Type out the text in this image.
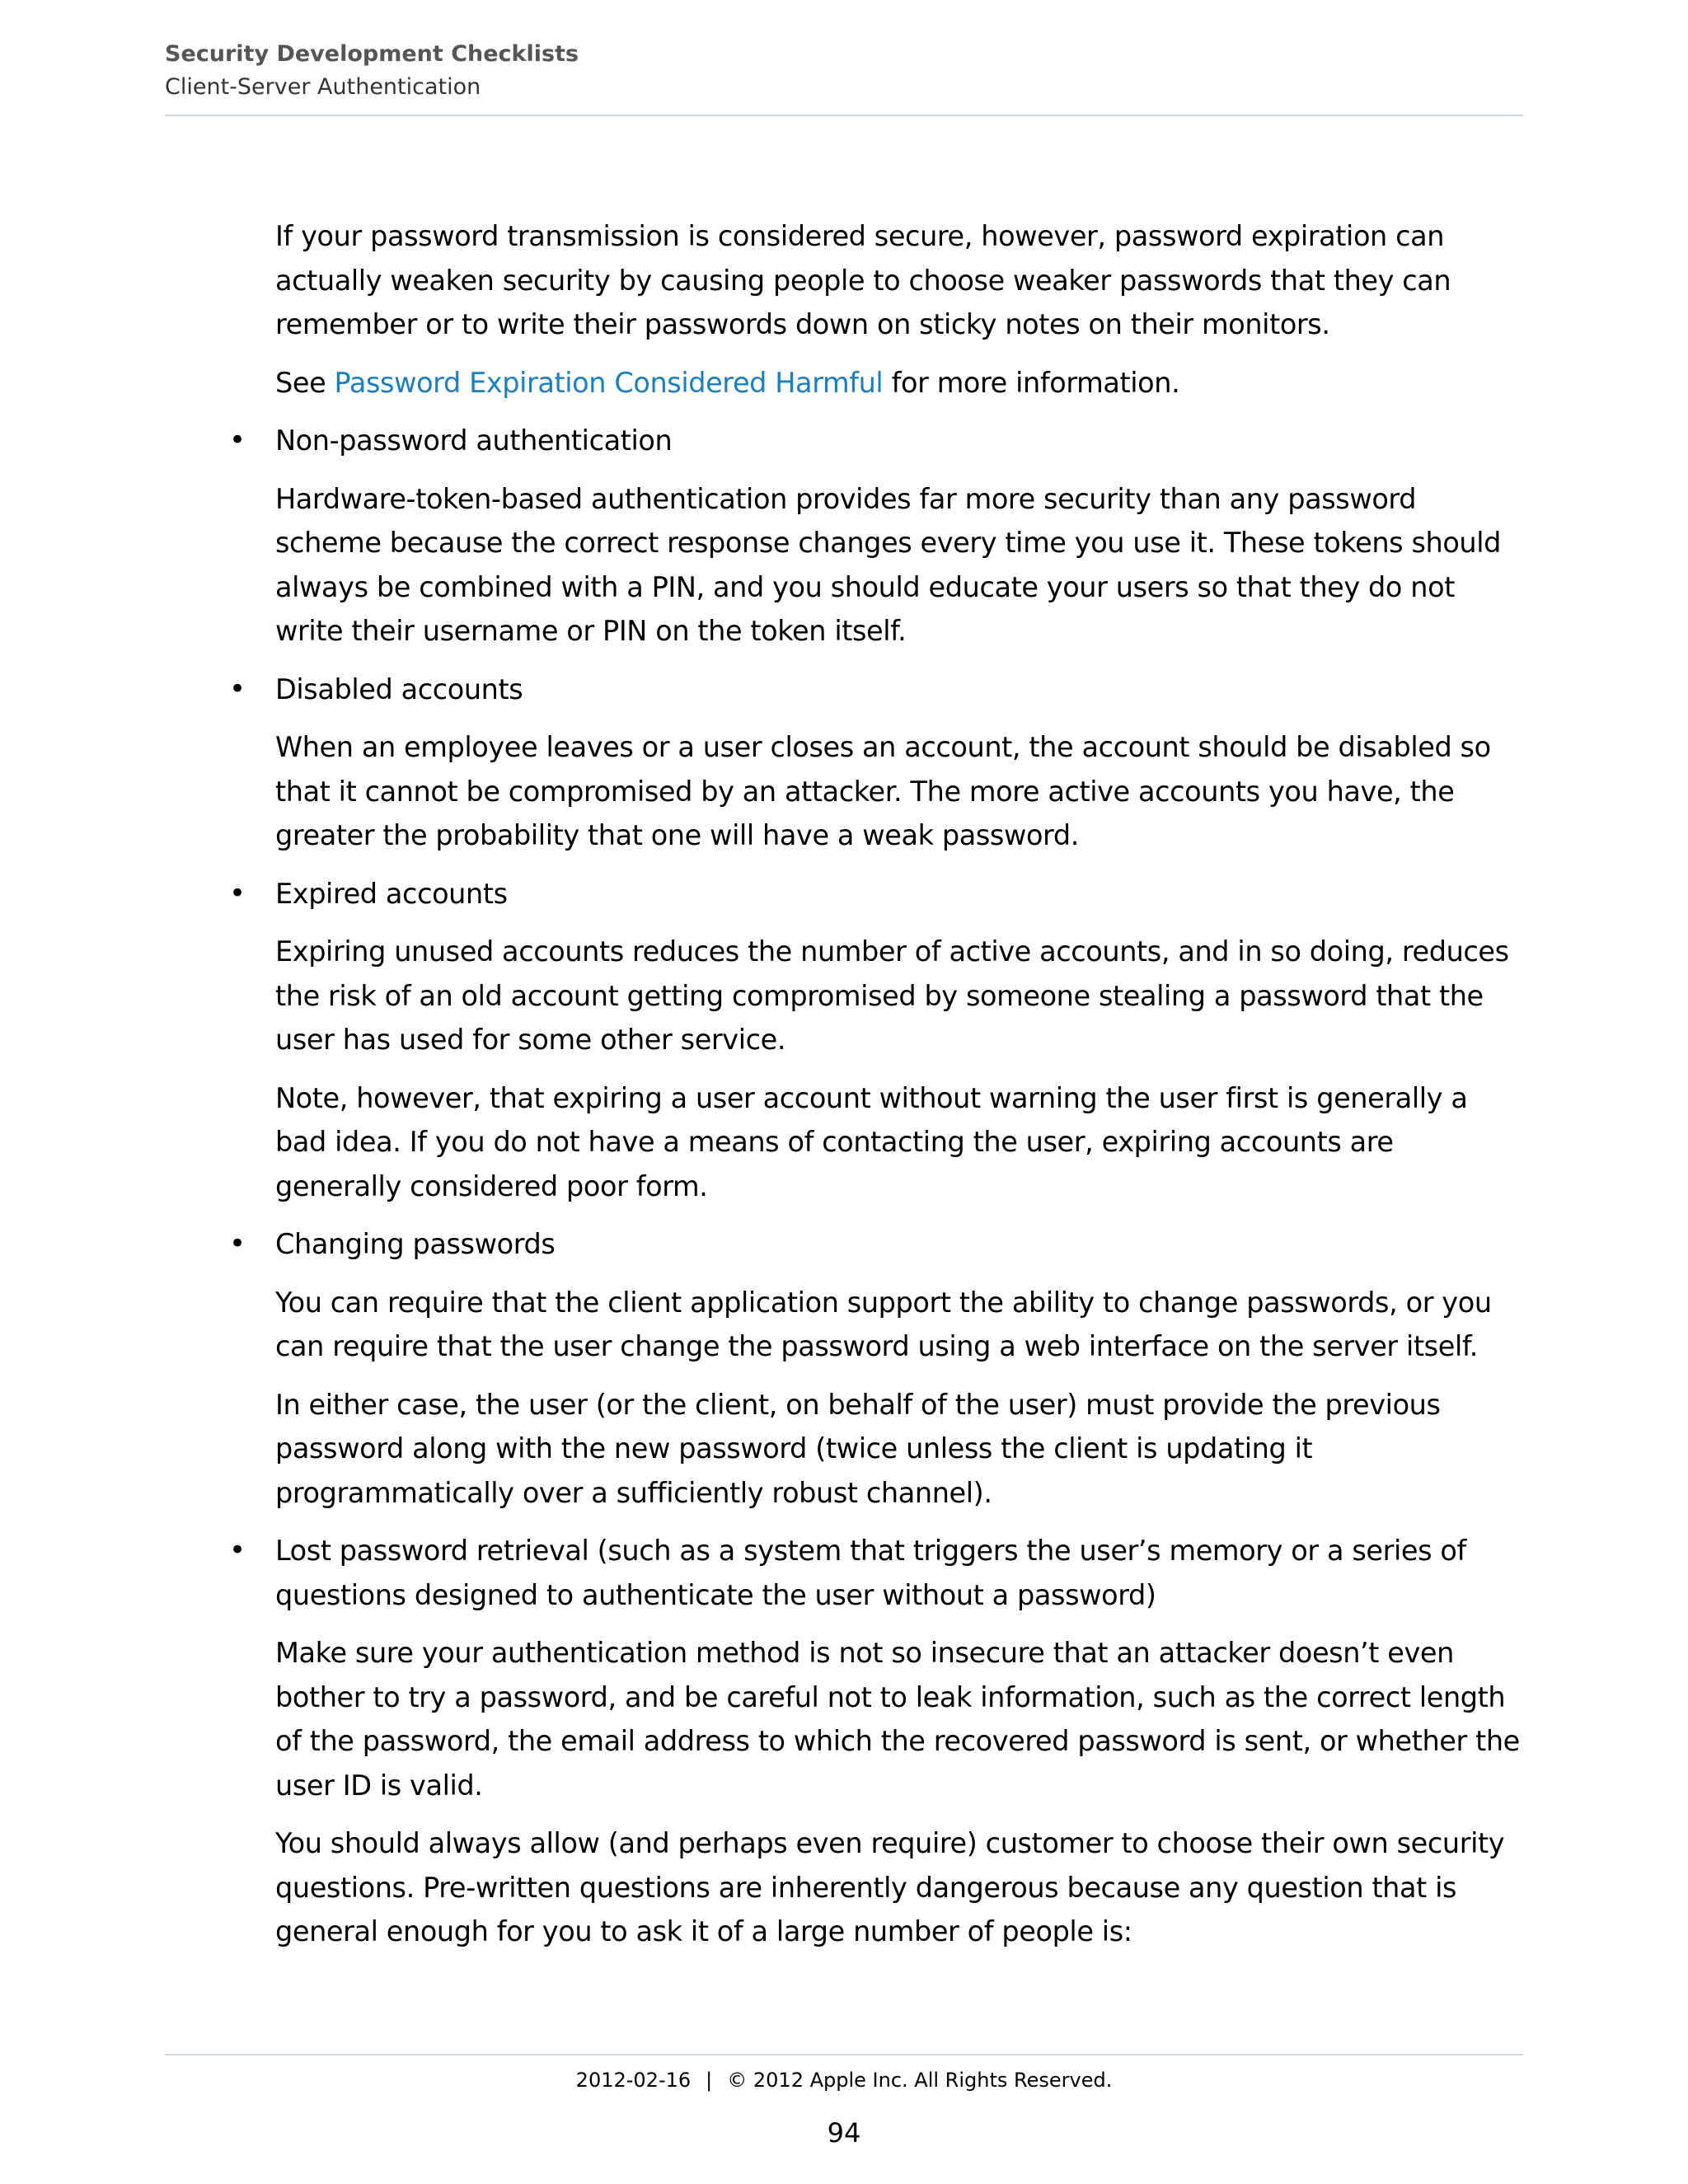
Security Development Checklists
Client-Server Authentication

If your password transmission is considered secure, however, password expiration can actually weaken security by causing people to choose weaker passwords that they can remember or to write their passwords down on sticky notes on their monitors.

See Password Expiration Considered Harmful for more information.

• Non-password authentication

Hardware-token-based authentication provides far more security than any password scheme because the correct response changes every time you use it. These tokens should always be combined with a PIN, and you should educate your users so that they do not write their username or PIN on the token itself.

• Disabled accounts

When an employee leaves or a user closes an account, the account should be disabled so that it cannot be compromised by an attacker. The more active accounts you have, the greater the probability that one will have a weak password.

• Expired accounts

Expiring unused accounts reduces the number of active accounts, and in so doing, reduces the risk of an old account getting compromised by someone stealing a password that the user has used for some other service.

Note, however, that expiring a user account without warning the user first is generally a bad idea. If you do not have a means of contacting the user, expiring accounts are generally considered poor form.

• Changing passwords

You can require that the client application support the ability to change passwords, or you can require that the user change the password using a web interface on the server itself.

In either case, the user (or the client, on behalf of the user) must provide the previous password along with the new password (twice unless the client is updating it programmatically over a sufficiently robust channel).

• Lost password retrieval (such as a system that triggers the user’s memory or a series of questions designed to authenticate the user without a password)

Make sure your authentication method is not so insecure that an attacker doesn’t even bother to try a password, and be careful not to leak information, such as the correct length of the password, the email address to which the recovered password is sent, or whether the user ID is valid.

You should always allow (and perhaps even require) customer to choose their own security questions. Pre-written questions are inherently dangerous because any question that is general enough for you to ask it of a large number of people is:

2012-02-16 | © 2012 Apple Inc. All Rights Reserved.
94
